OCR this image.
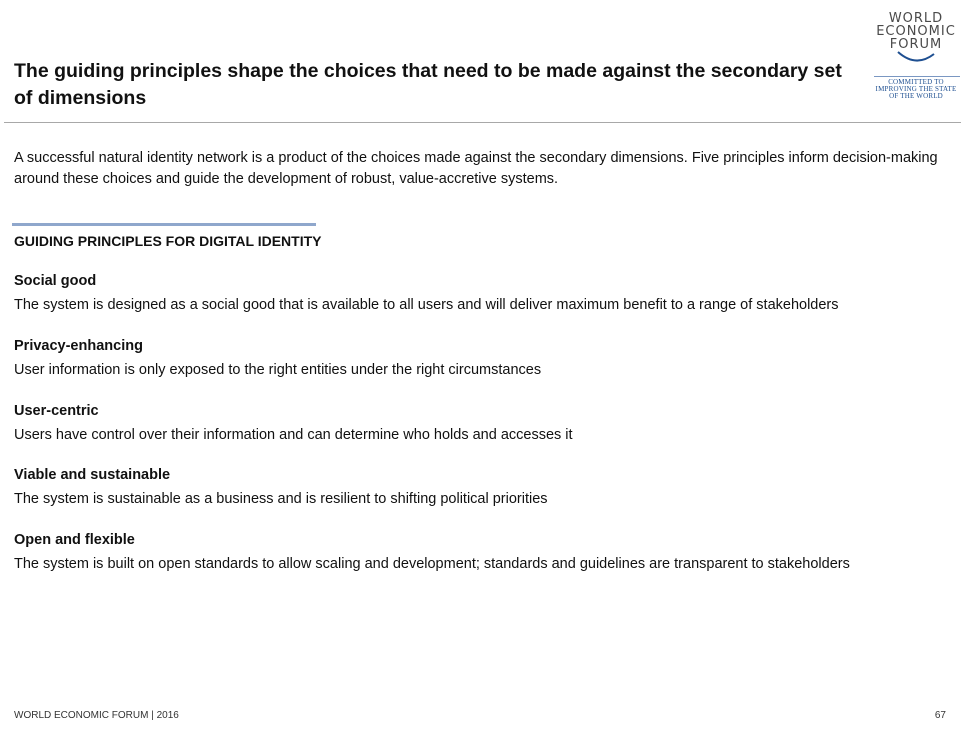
The guiding principles shape the choices that need to be made against the secondary set of dimensions
WORLD
ECONOMIC
FORUM
COMMITTED TO
IMPROVING THE STATE
OF THE WORLD

A successful natural identity network is a product of the choices made against the secondary dimensions. Five principles inform decision-making around these choices and guide the development of robust, value-accretive systems.

GUIDING PRINCIPLES FOR DIGITAL IDENTITY
Social good

The system is designed as a social good that is available to all users and will deliver maximum benefit to a range of stakeholders

Privacy-enhancing

User information is only exposed to the right entities under the right circumstances

User-centric

Users have control over their information and can determine who holds and accesses it

Viable and sustainable

The system is sustainable as a business and is resilient to shifting political priorities

Open and flexible

The system is built on open standards to allow scaling and development; standards and guidelines are transparent to stakeholders

WORLD ECONOMIC FORUM | 2016	67
